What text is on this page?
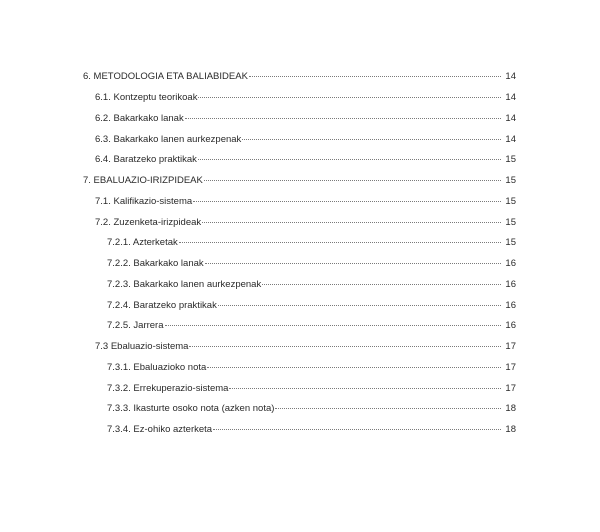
6. METODOLOGIA ETA BALIABIDEAK	14
6.1. Kontzeptu teorikoak	14
6.2. Bakarkako lanak	14
6.3. Bakarkako lanen aurkezpenak	14
6.4. Baratzeko praktikak	15
7. EBALUAZIO-IRIZPIDEAK	15
7.1. Kalifikazio-sistema	15
7.2. Zuzenketa-irizpideak	15
7.2.1. Azterketak	15
7.2.2. Bakarkako lanak	16
7.2.3. Bakarkako lanen aurkezpenak	16
7.2.4. Baratzeko praktikak	16
7.2.5. Jarrera	16
7.3 Ebaluazio-sistema	17
7.3.1. Ebaluazioko nota	17
7.3.2. Errekuperazio-sistema	17
7.3.3. Ikasturte osoko nota (azken nota)	18
7.3.4. Ez-ohiko azterketa	18
